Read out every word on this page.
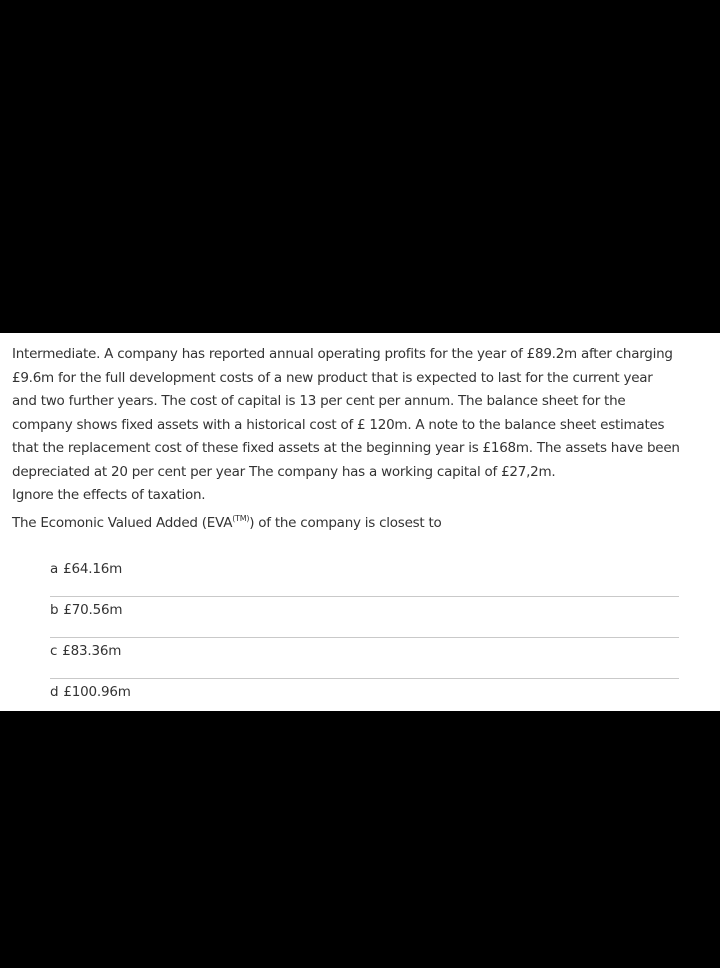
Intermediate. A company has reported annual operating profits for the year of £89.2m after charging
£9.6m for the full development costs of a new product that is expected to last for the current year
and two further years. The cost of capital is 13 per cent per annum. The balance sheet for the
company shows fixed assets with a historical cost of £ 120m. A note to the balance sheet estimates
that the replacement cost of these fixed assets at the beginning year is £168m. The assets have been
depreciated at 20 per cent per year The company has a working capital of £27,2m.
Ignore the effects of taxation.
The Ecomonic Valued Added $(EVA^{(TM)})$ of the company is closest to
a £64.16m
b £70.56m
c £83.36m
d £100.96m
